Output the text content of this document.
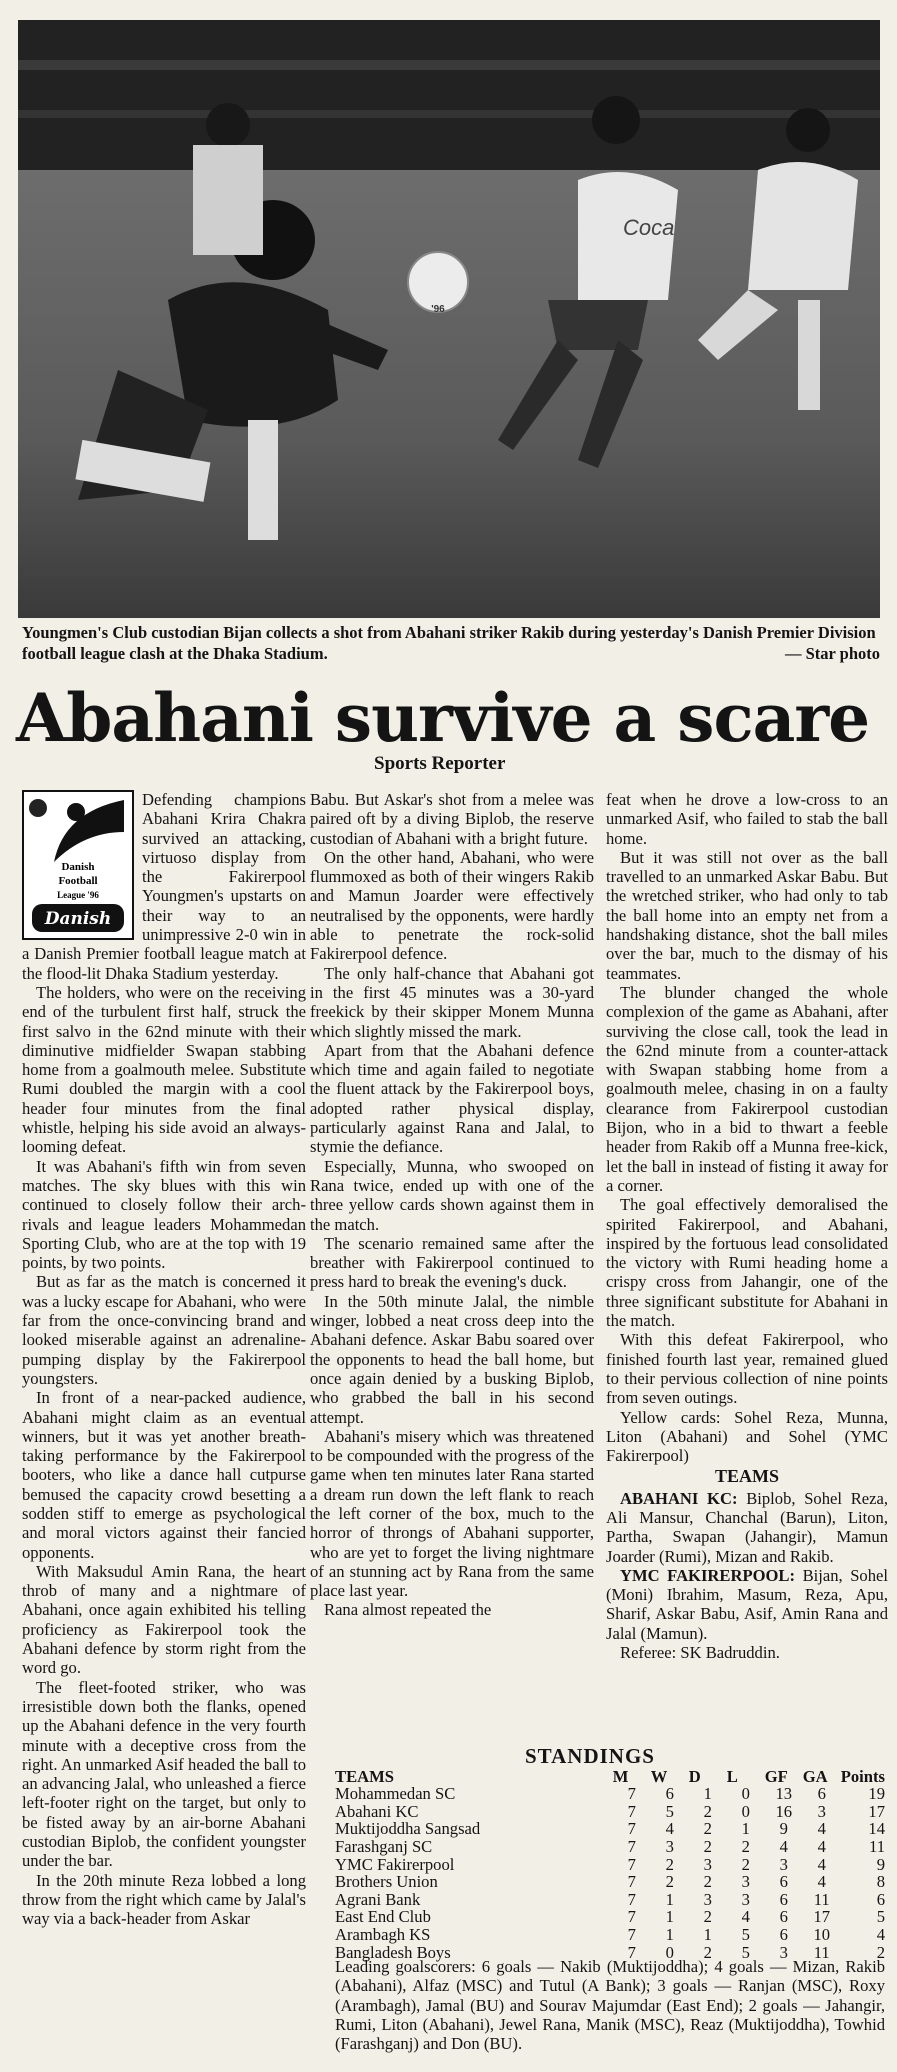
'96
Coca
Youngmen's Club custodian Bijan collects a shot from Abahani striker Rakib during yesterday's Danish Premier Division football league clash at the Dhaka Stadium.	— Star photo
Abahani survive a scare
Sports Reporter
Danish
Football
League '96
Danish

Defending champions Abahani Krira Chakra survived an attacking, virtuoso display from the Fakirerpool Youngmen's upstarts on their way to an unimpressive 2-0 win in a Danish Premier football league match at the flood-lit Dhaka Stadium yesterday.

The holders, who were on the receiving end of the turbulent first half, struck the first salvo in the 62nd minute with their diminutive midfielder Swapan stabbing home from a goalmouth melee. Substitute Rumi doubled the margin with a cool header four minutes from the final whistle, helping his side avoid an always-looming defeat.

It was Abahani's fifth win from seven matches. The sky blues with this win continued to closely follow their arch-rivals and league leaders Mohammedan Sporting Club, who are at the top with 19 points, by two points.

But as far as the match is concerned it was a lucky escape for Abahani, who were far from the once-convincing brand and looked miserable against an adrenaline-pumping display by the Fakirerpool youngsters.

In front of a near-packed audience, Abahani might claim as an eventual winners, but it was yet another breath-taking performance by the Fakirerpool booters, who like a dance hall cutpurse bemused the capacity crowd besetting a sodden stiff to emerge as psychological and moral victors against their fancied opponents.

With Maksudul Amin Rana, the heart throb of many and a nightmare of Abahani, once again exhibited his telling proficiency as Fakirerpool took the Abahani defence by storm right from the word go.

The fleet-footed striker, who was irresistible down both the flanks, opened up the Abahani defence in the very fourth minute with a deceptive cross from the right. An unmarked Asif headed the ball to an advancing Jalal, who unleashed a fierce left-footer right on the target, but only to be fisted away by an air-borne Abahani custodian Biplob, the confident youngster under the bar.

In the 20th minute Reza lobbed a long throw from the right which came by Jalal's way via a back-header from Askar

Babu. But Askar's shot from a melee was paired oft by a diving Biplob, the reserve custodian of Abahani with a bright future.

On the other hand, Abahani, who were flummoxed as both of their wingers Rakib and Mamun Joarder were effectively neutralised by the opponents, were hardly able to penetrate the rock-solid Fakirerpool defence.

The only half-chance that Abahani got in the first 45 minutes was a 30-yard freekick by their skipper Monem Munna which slightly missed the mark.

Apart from that the Abahani defence which time and again failed to negotiate the fluent attack by the Fakirerpool boys, adopted rather physical display, particularly against Rana and Jalal, to stymie the defiance.

Especially, Munna, who swooped on Rana twice, ended up with one of the three yellow cards shown against them in the match.

The scenario remained same after the breather with Fakirerpool continued to press hard to break the evening's duck.

In the 50th minute Jalal, the nimble winger, lobbed a neat cross deep into the Abahani defence. Askar Babu soared over the opponents to head the ball home, but once again denied by a busking Biplob, who grabbed the ball in his second attempt.

Abahani's misery which was threatened to be compounded with the progress of the game when ten minutes later Rana started a dream run down the left flank to reach the left corner of the box, much to the horror of throngs of Abahani supporter, who are yet to forget the living nightmare of an stunning act by Rana from the same place last year.

Rana almost repeated the

feat when he drove a low-cross to an unmarked Asif, who failed to stab the ball home.

But it was still not over as the ball travelled to an unmarked Askar Babu. But the wretched striker, who had only to tab the ball home into an empty net from a handshaking distance, shot the ball miles over the bar, much to the dismay of his teammates.

The blunder changed the whole complexion of the game as Abahani, after surviving the close call, took the lead in the 62nd minute from a counter-attack with Swapan stabbing home from a goalmouth melee, chasing in on a faulty clearance from Fakirerpool custodian Bijon, who in a bid to thwart a feeble header from Rakib off a Munna free-kick, let the ball in instead of fisting it away for a corner.

The goal effectively demoralised the spirited Fakirerpool, and Abahani, inspired by the fortuous lead consolidated the victory with Rumi heading home a crispy cross from Jahangir, one of the three significant substitute for Abahani in the match.

With this defeat Fakirerpool, who finished fourth last year, remained glued to their pervious collection of nine points from seven outings.

Yellow cards: Sohel Reza, Munna, Liton (Abahani) and Sohel (YMC Fakirerpool)

TEAMS

ABAHANI KC: Biplob, Sohel Reza, Ali Mansur, Chanchal (Barun), Liton, Partha, Swapan (Jahangir), Mamun Joarder (Rumi), Mizan and Rakib.

YMC FAKIRERPOOL: Bijan, Sohel (Moni) Ibrahim, Masum, Reza, Apu, Sharif, Askar Babu, Asif, Amin Rana and Jalal (Mamun).

Referee: SK Badruddin.

STANDINGS
TEAMS	M	W	D	L	GF	GA	Points
Mohammedan SC	7	6	1	0	13	6	19
Abahani KC	7	5	2	0	16	3	17
Muktijoddha Sangsad	7	4	2	1	9	4	14
Farashganj SC	7	3	2	2	4	4	11
YMC Fakirerpool	7	2	3	2	3	4	9
Brothers Union	7	2	2	3	6	4	8
Agrani Bank	7	1	3	3	6	11	6
East End Club	7	1	2	4	6	17	5
Arambagh KS	7	1	1	5	6	10	4
Bangladesh Boys	7	0	2	5	3	11	2
Leading goalscorers: 6 goals — Nakib (Muktijoddha); 4 goals — Mizan, Rakib (Abahani), Alfaz (MSC) and Tutul (A Bank); 3 goals — Ranjan (MSC), Roxy (Arambagh), Jamal (BU) and Sourav Majumdar (East End); 2 goals — Jahangir, Rumi, Liton (Abahani), Jewel Rana, Manik (MSC), Reaz (Muktijoddha), Towhid (Farashganj) and Don (BU).
